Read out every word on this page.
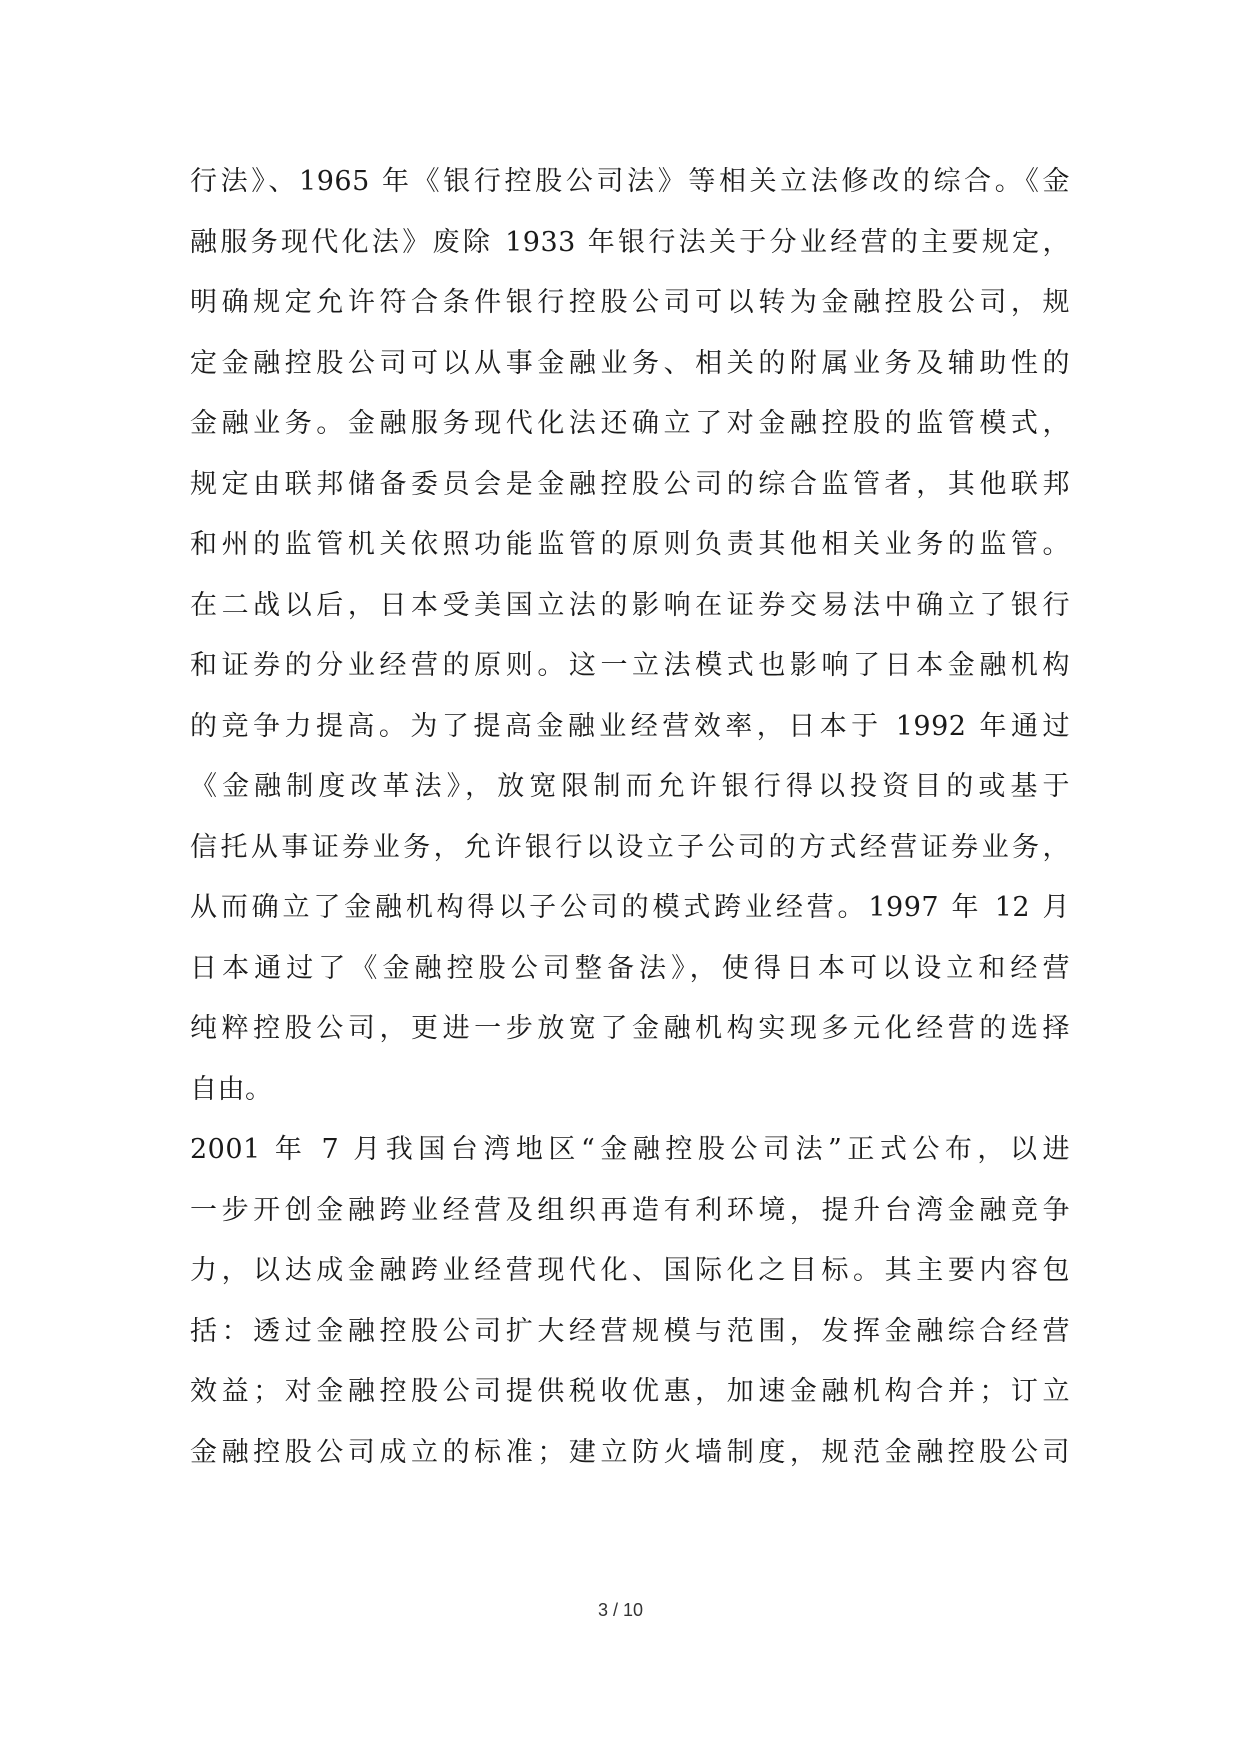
行法》、1965 年《银行控股公司法》等相关立法修改的综合。《金
融服务现代化法》废除 1933 年银行法关于分业经营的主要规定，
明确规定允许符合条件银行控股公司可以转为金融控股公司，规
定金融控股公司可以从事金融业务、相关的附属业务及辅助性的
金融业务。金融服务现代化法还确立了对金融控股的监管模式，
规定由联邦储备委员会是金融控股公司的综合监管者，其他联邦
和州的监管机关依照功能监管的原则负责其他相关业务的监管。
在二战以后，日本受美国立法的影响在证券交易法中确立了银行
和证券的分业经营的原则。这一立法模式也影响了日本金融机构
的竞争力提高。为了提高金融业经营效率，日本于 1992 年通过
《金融制度改革法》，放宽限制而允许银行得以投资目的或基于
信托从事证券业务，允许银行以设立子公司的方式经营证券业务，
从而确立了金融机构得以子公司的模式跨业经营。1997 年 12 月
日本通过了《金融控股公司整备法》，使得日本可以设立和经营
纯粹控股公司，更进一步放宽了金融机构实现多元化经营的选择
自由。
2001 年 7 月我国台湾地区“金融控股公司法”正式公布，以进
一步开创金融跨业经营及组织再造有利环境，提升台湾金融竞争
力，以达成金融跨业经营现代化、国际化之目标。其主要内容包
括：透过金融控股公司扩大经营规模与范围，发挥金融综合经营
效益；对金融控股公司提供税收优惠，加速金融机构合并；订立
金融控股公司成立的标准；建立防火墙制度，规范金融控股公司
3 / 10
